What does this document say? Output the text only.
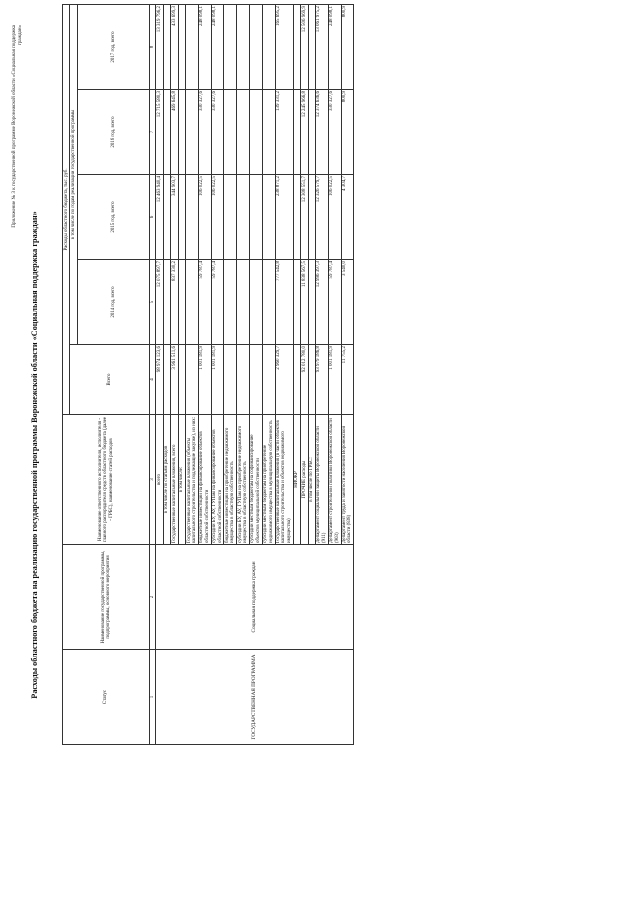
Приложение № 3 к государственной программе Воронежской области «Социальная поддержка граждан»
Расходы областного бюджета на реализацию государственной программы Воронежской области «Социальная поддержка граждан»	Статус	Наименование государственной программы, подпрограммы, основного мероприятия	Наименование ответственного исполнителя, исполнителя - главного распорядителя средств областного бюджета (далее - ГРБС), наименование статей расходов	Расходы областного бюджета, тыс. руб.				
			Всего	в том числе по годам реализации государственной программы			
				2014 год, всего	2015 год, всего	2016 год, всего	2017 год, всего
1	2	3	4	5	6	7	8
ГОСУДАРСТВЕННАЯ ПРОГРАММА	Социальная поддержка граждан	всего	98 974 123,6	12 075 897,7	12 463 940,4	12 715 580,3	13 319 796,2
		в том числе по статьям расходов					
		Государственные капитальные вложения, всего	3 961 511,6	837 330,2	344 903,7	469 645,8	433 699,3
		в том числе:					
		Государственные капитальные вложения (объекты капитального строительства и подлежащие закупке), из них:					
		бюджетные инвестиции на финансирование объектов областной собственности	1 001 181,9	59 787,4	106 022,5	330 327,6	248 098,1
		субсидии БУ, АУ, ГУПам на финансирование объектов областной собственности	1 001 181,9	59 787,4	106 022,5	330 327,6	248 098,1
		бюджетные инвестиции на приобретение недвижимого имущества в областную собственность					
		субсидии БУ, АУ, ГУПам на приобретение недвижимого имущества в областную собственность					
		субсидии местным бюджетам на софинансирование объектов муниципальной собственности					
		субсидии местным бюджетам на приобретение недвижимого имущества в муниципальную собственность					
		Государственные капитальные вложения (в части объектов капитального строительства и объектов недвижимого имущества)	2 960 329,7	777 542,8	238 871,2	139 331,2	165 695,2
		НИОКР					
		ПРОЧИЕ расходы	92 012 780,0	11 838 567,5	12 308 551,7	12 245 966,8	12 506 969,9
		в том числе по ГРБС:					
		Департамент социальной защиты Воронежской области (911)	93 979 186,8	12 996 397,3	12 326 579,7	12 374 636,6	13 061 975,2
		Департамент строительной политики Воронежской области (903)	1 001 181,9	59 787,4	106 022,5	330 327,6	248 098,1
		Департамент труда и занятости населения Воронежской области (838)	11 755,2	3 540,0	4 304,7	800,9	800,9
